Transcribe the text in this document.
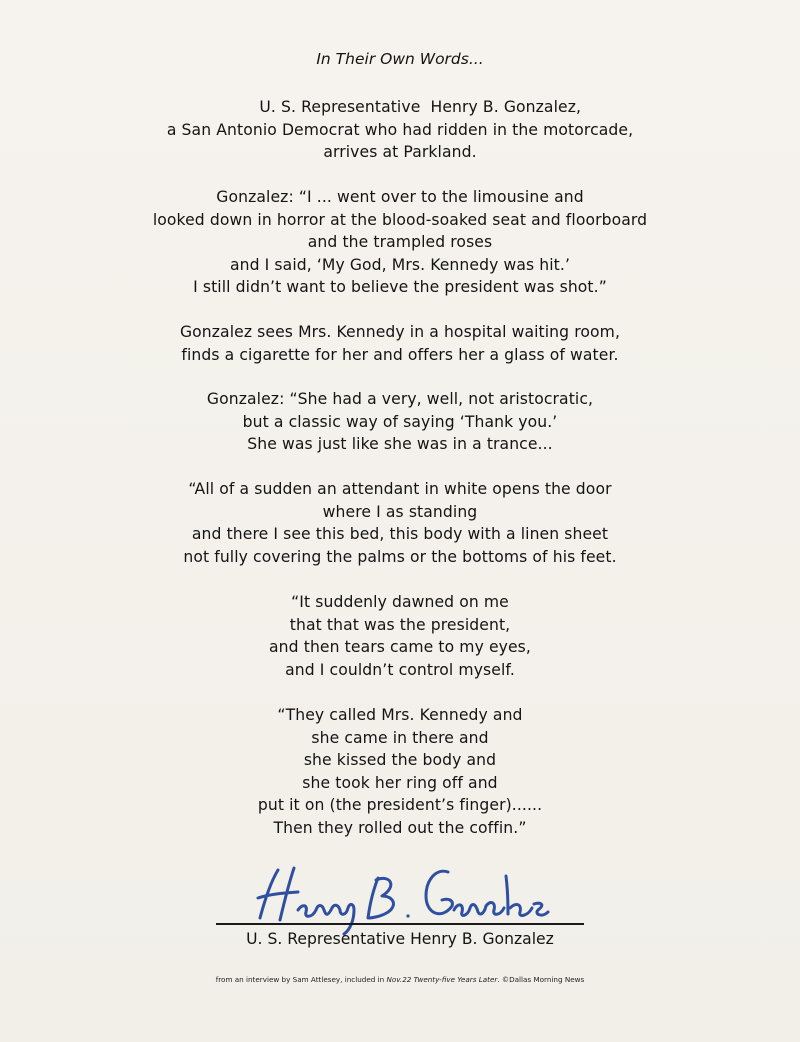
In Their Own Words...
U. S. Representative  Henry B. Gonzalez,
a San Antonio Democrat who had ridden in the motorcade,
arrives at Parkland.
Gonzalez: “I ... went over to the limousine and
looked down in horror at the blood-soaked seat and floorboard
and the trampled roses
and I said, ‘My God, Mrs. Kennedy was hit.’
I still didn’t want to believe the president was shot.”
Gonzalez sees Mrs. Kennedy in a hospital waiting room,
finds a cigarette for her and offers her a glass of water.
Gonzalez: “She had a very, well, not aristocratic,
but a classic way of saying ‘Thank you.’
She was just like she was in a trance...
“All of a sudden an attendant in white opens the door
where I as standing
and there I see this bed, this body with a linen sheet
not fully covering the palms or the bottoms of his feet.
“It suddenly dawned on me
that that was the president,
and then tears came to my eyes,
and I couldn’t control myself.
“They called Mrs. Kennedy and
she came in there and
she kissed the body and
she took her ring off and
put it on (the president’s finger)......
Then they rolled out the coffin.”
U. S. Representative Henry B. Gonzalez
from an interview by Sam Attlesey, included in Nov.22 Twenty-five Years Later. ©Dallas Morning News
